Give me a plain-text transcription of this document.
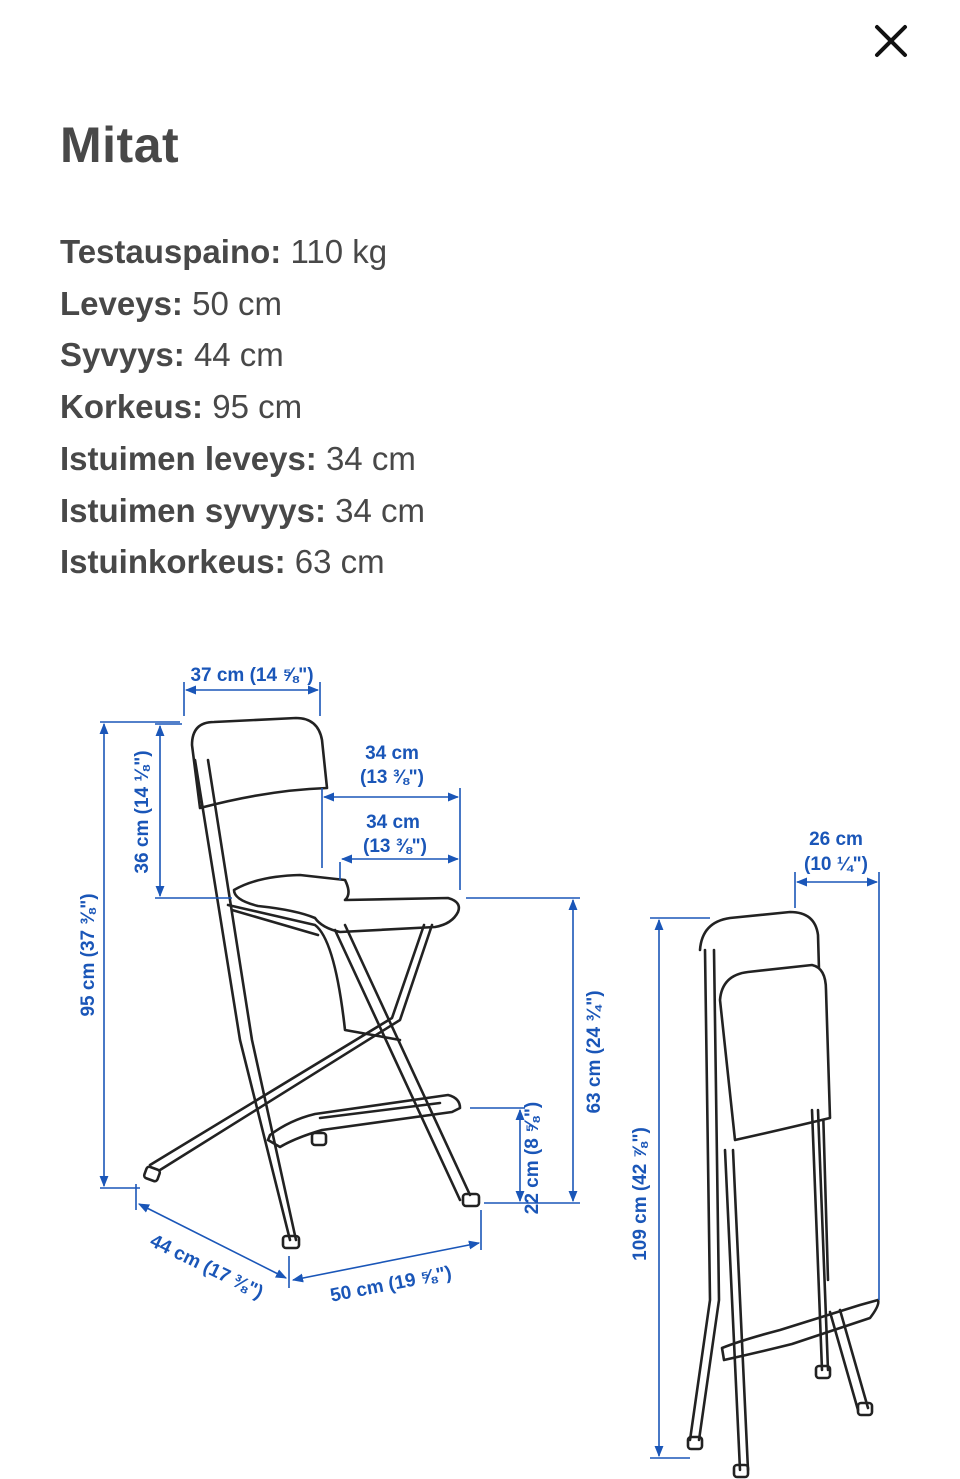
Mitat
Testauspaino: 110 kg
Leveys: 50 cm
Syvyys: 44 cm
Korkeus: 95 cm
Istuimen leveys: 34 cm
Istuimen syvyys: 34 cm
Istuinkorkeus: 63 cm
37 cm (14 ⅝")
34 cm
(13 ⅜")
34 cm
(13 ⅜")
36 cm (14 ⅛")
95 cm (37 ⅜")
63 cm (24 ¾")
22 cm (8 ⅝")
44 cm (17 ⅜")	50 cm (19 ⅝")
26 cm
(10 ¼")
109 cm (42 ⅞")
